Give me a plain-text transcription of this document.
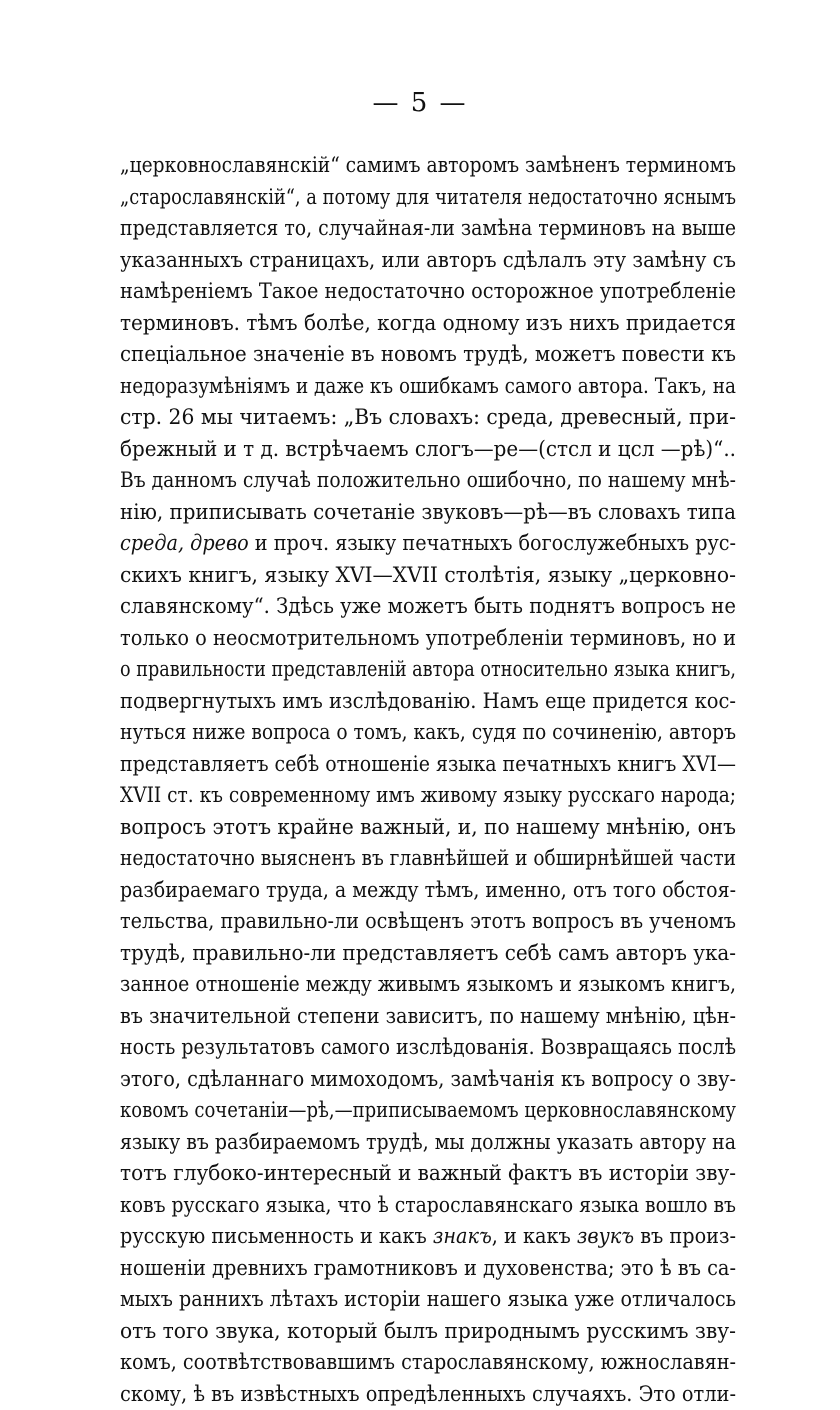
— 5 —
„церковнославянскій“ самимъ авторомъ замѣненъ терминомъ
„старославянскій“, а потому для читателя недостаточно яснымъ
представляется то, случайная-ли замѣна терминовъ на выше
указанныхъ страницахъ, или авторъ сдѣлалъ эту замѣну съ
намѣреніемъ Такое недостаточно осторожное употребленіе
терминовъ. тѣмъ болѣе, когда одному изъ нихъ придается
спеціальное значеніе въ новомъ трудѣ, можетъ повести къ
недоразумѣніямъ и даже къ ошибкамъ самого автора. Такъ, на
стр. 26 мы читаемъ: „Въ словахъ: среда, древесный, при-
брежный и т д. встрѣчаемъ слогъ—ре—(стсл и цсл —рѣ)“..
Въ данномъ случаѣ положительно ошибочно, по нашему мнѣ-
нію, приписывать сочетаніе звуковъ—рѣ—въ словахъ типа
среда, древо и проч. языку печатныхъ богослужебныхъ рус-
скихъ книгъ, языку XVI—XVII столѣтія, языку „церковно-
славянскому“. Здѣсь уже можетъ быть поднятъ вопросъ не
только о неосмотрительномъ употребленіи терминовъ, но и
о правильности представленій автора относительно языка книгъ,
подвергнутыхъ имъ изслѣдованію. Намъ еще придется кос-
нуться ниже вопроса о томъ, какъ, судя по сочиненію, авторъ
представляетъ себѣ отношеніе языка печатныхъ книгъ XVI—
XVII ст. къ современному имъ живому языку русскаго народа;
вопросъ этотъ крайне важный, и, по нашему мнѣнію, онъ
недостаточно выясненъ въ главнѣйшей и обширнѣйшей части
разбираемаго труда, а между тѣмъ, именно, отъ того обстоя-
тельства, правильно-ли освѣщенъ этотъ вопросъ въ ученомъ
трудѣ, правильно-ли представляетъ себѣ самъ авторъ ука-
занное отношеніе между живымъ языкомъ и языкомъ книгъ,
въ значительной степени зависитъ, по нашему мнѣнію, цѣн-
ность результатовъ самого изслѣдованія. Возвращаясь послѣ
этого, сдѣланнаго мимоходомъ, замѣчанія къ вопросу о зву-
ковомъ сочетаніи—рѣ,—приписываемомъ церковнославянскому
языку въ разбираемомъ трудѣ, мы должны указать автору на
тотъ глубоко-интересный и важный фактъ въ исторіи зву-
ковъ русскаго языка, что ѣ старославянскаго языка вошло въ
русскую письменность и какъ знакъ, и какъ звукъ въ произ-
ношеніи древнихъ грамотниковъ и духовенства; это ѣ въ са-
мыхъ раннихъ лѣтахъ исторіи нашего языка уже отличалось
отъ того звука, который былъ природнымъ русскимъ зву-
комъ, соотвѣтствовавшимъ старославянскому, южнославян-
скому, ѣ въ извѣстныхъ опредѣленныхъ случаяхъ. Это отли-
